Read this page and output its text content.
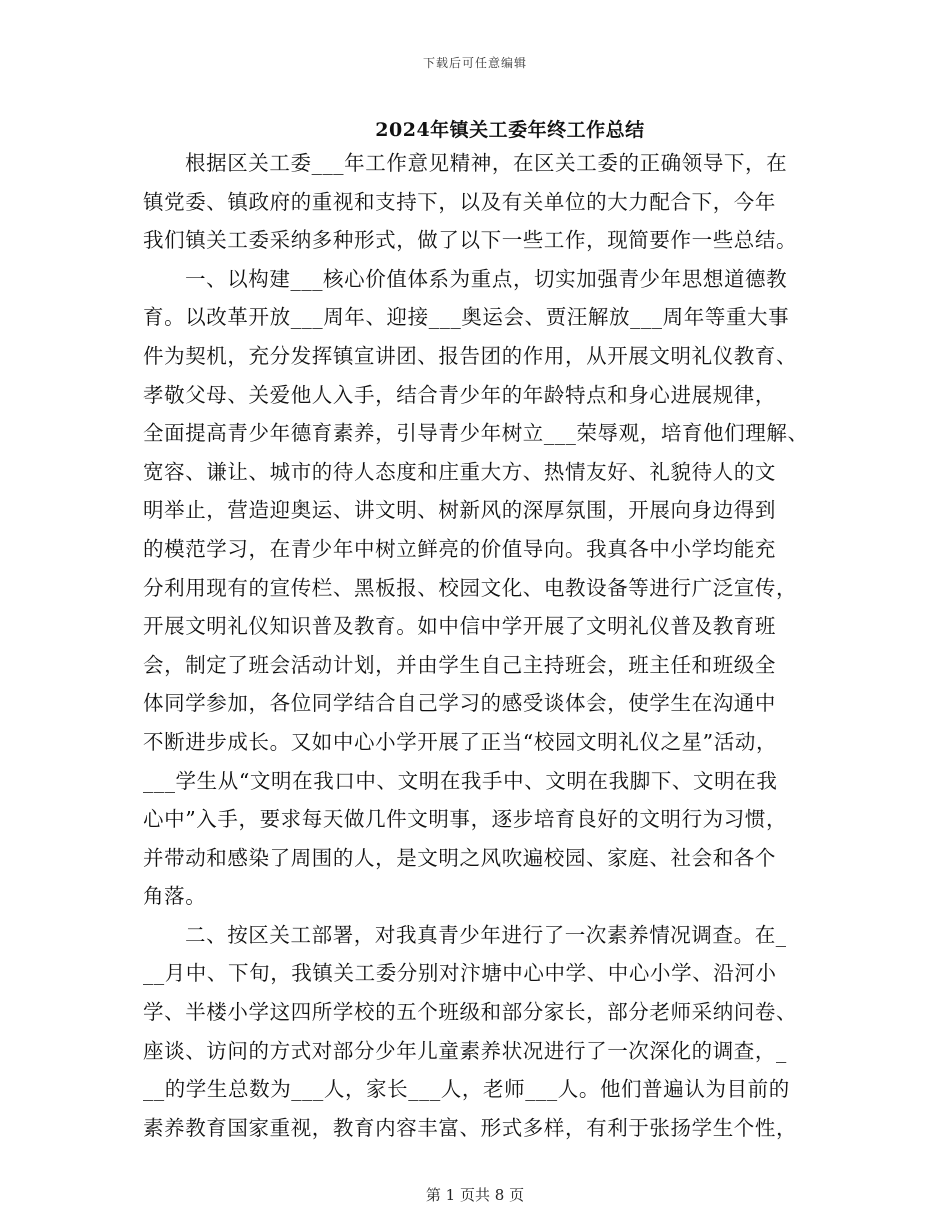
下载后可任意编辑
2024年镇关工委年终工作总结
根据区关工委___年工作意见精神，在区关工委的正确领导下，在
镇党委、镇政府的重视和支持下，以及有关单位的大力配合下，今年
我们镇关工委采纳多种形式，做了以下一些工作，现简要作一些总结。
一、以构建___核心价值体系为重点，切实加强青少年思想道德教
育。以改革开放___周年、迎接___奥运会、贾汪解放___周年等重大事
件为契机，充分发挥镇宣讲团、报告团的作用，从开展文明礼仪教育、
孝敬父母、关爱他人入手，结合青少年的年龄特点和身心进展规律，
全面提高青少年德育素养，引导青少年树立___荣辱观，培育他们理解、
宽容、谦让、城市的待人态度和庄重大方、热情友好、礼貌待人的文
明举止，营造迎奥运、讲文明、树新风的深厚氛围，开展向身边得到
的模范学习，在青少年中树立鲜亮的价值导向。我真各中小学均能充
分利用现有的宣传栏、黑板报、校园文化、电教设备等进行广泛宣传，
开展文明礼仪知识普及教育。如中信中学开展了文明礼仪普及教育班
会，制定了班会活动计划，并由学生自己主持班会，班主任和班级全
体同学参加，各位同学结合自己学习的感受谈体会，使学生在沟通中
不断进步成长。又如中心小学开展了正当“校园文明礼仪之星”活动，
___学生从“文明在我口中、文明在我手中、文明在我脚下、文明在我
心中”入手，要求每天做几件文明事，逐步培育良好的文明行为习惯，
并带动和感染了周围的人，是文明之风吹遍校园、家庭、社会和各个
角落。
二、按区关工部署，对我真青少年进行了一次素养情况调查。在_
__月中、下旬，我镇关工委分别对汴塘中心中学、中心小学、沿河小
学、半楼小学这四所学校的五个班级和部分家长，部分老师采纳问卷、
座谈、访问的方式对部分少年儿童素养状况进行了一次深化的调查，_
__的学生总数为___人，家长___人，老师___人。他们普遍认为目前的
素养教育国家重视，教育内容丰富、形式多样，有利于张扬学生个性，
第 1 页共 8 页
